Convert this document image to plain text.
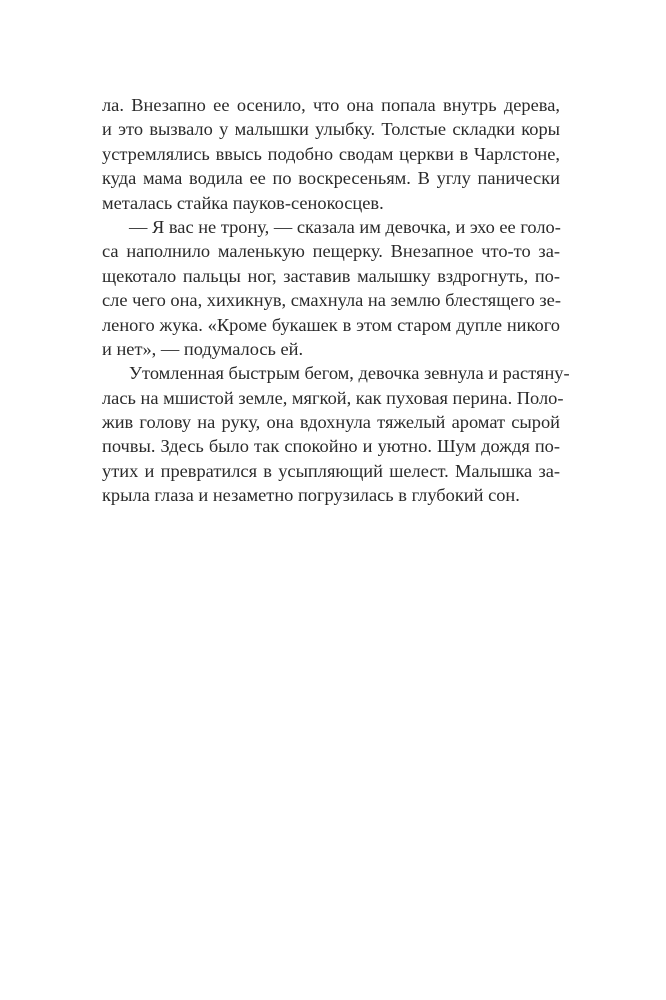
ла. Внезапно ее осенило, что она попала внутрь дерева,
и это вызвало у малышки улыбку. Толстые складки коры
устремлялись ввысь подобно сводам церкви в Чарлстоне,
куда мама водила ее по воскресеньям. В углу панически
металась стайка пауков-сенокосцев.
— Я вас не трону, — сказала им девочка, и эхо ее голо-
са наполнило маленькую пещерку. Внезапное что-то за-
щекотало пальцы ног, заставив малышку вздрогнуть, по-
сле чего она, хихикнув, смахнула на землю блестящего зе-
леного жука. «Кроме букашек в этом старом дупле никого
и нет», — подумалось ей.
Утомленная быстрым бегом, девочка зевнула и растяну-
лась на мшистой земле, мягкой, как пуховая перина. Поло-
жив голову на руку, она вдохнула тяжелый аромат сырой
почвы. Здесь было так спокойно и уютно. Шум дождя по-
утих и превратился в усыпляющий шелест. Малышка за-
крыла глаза и незаметно погрузилась в глубокий сон.
